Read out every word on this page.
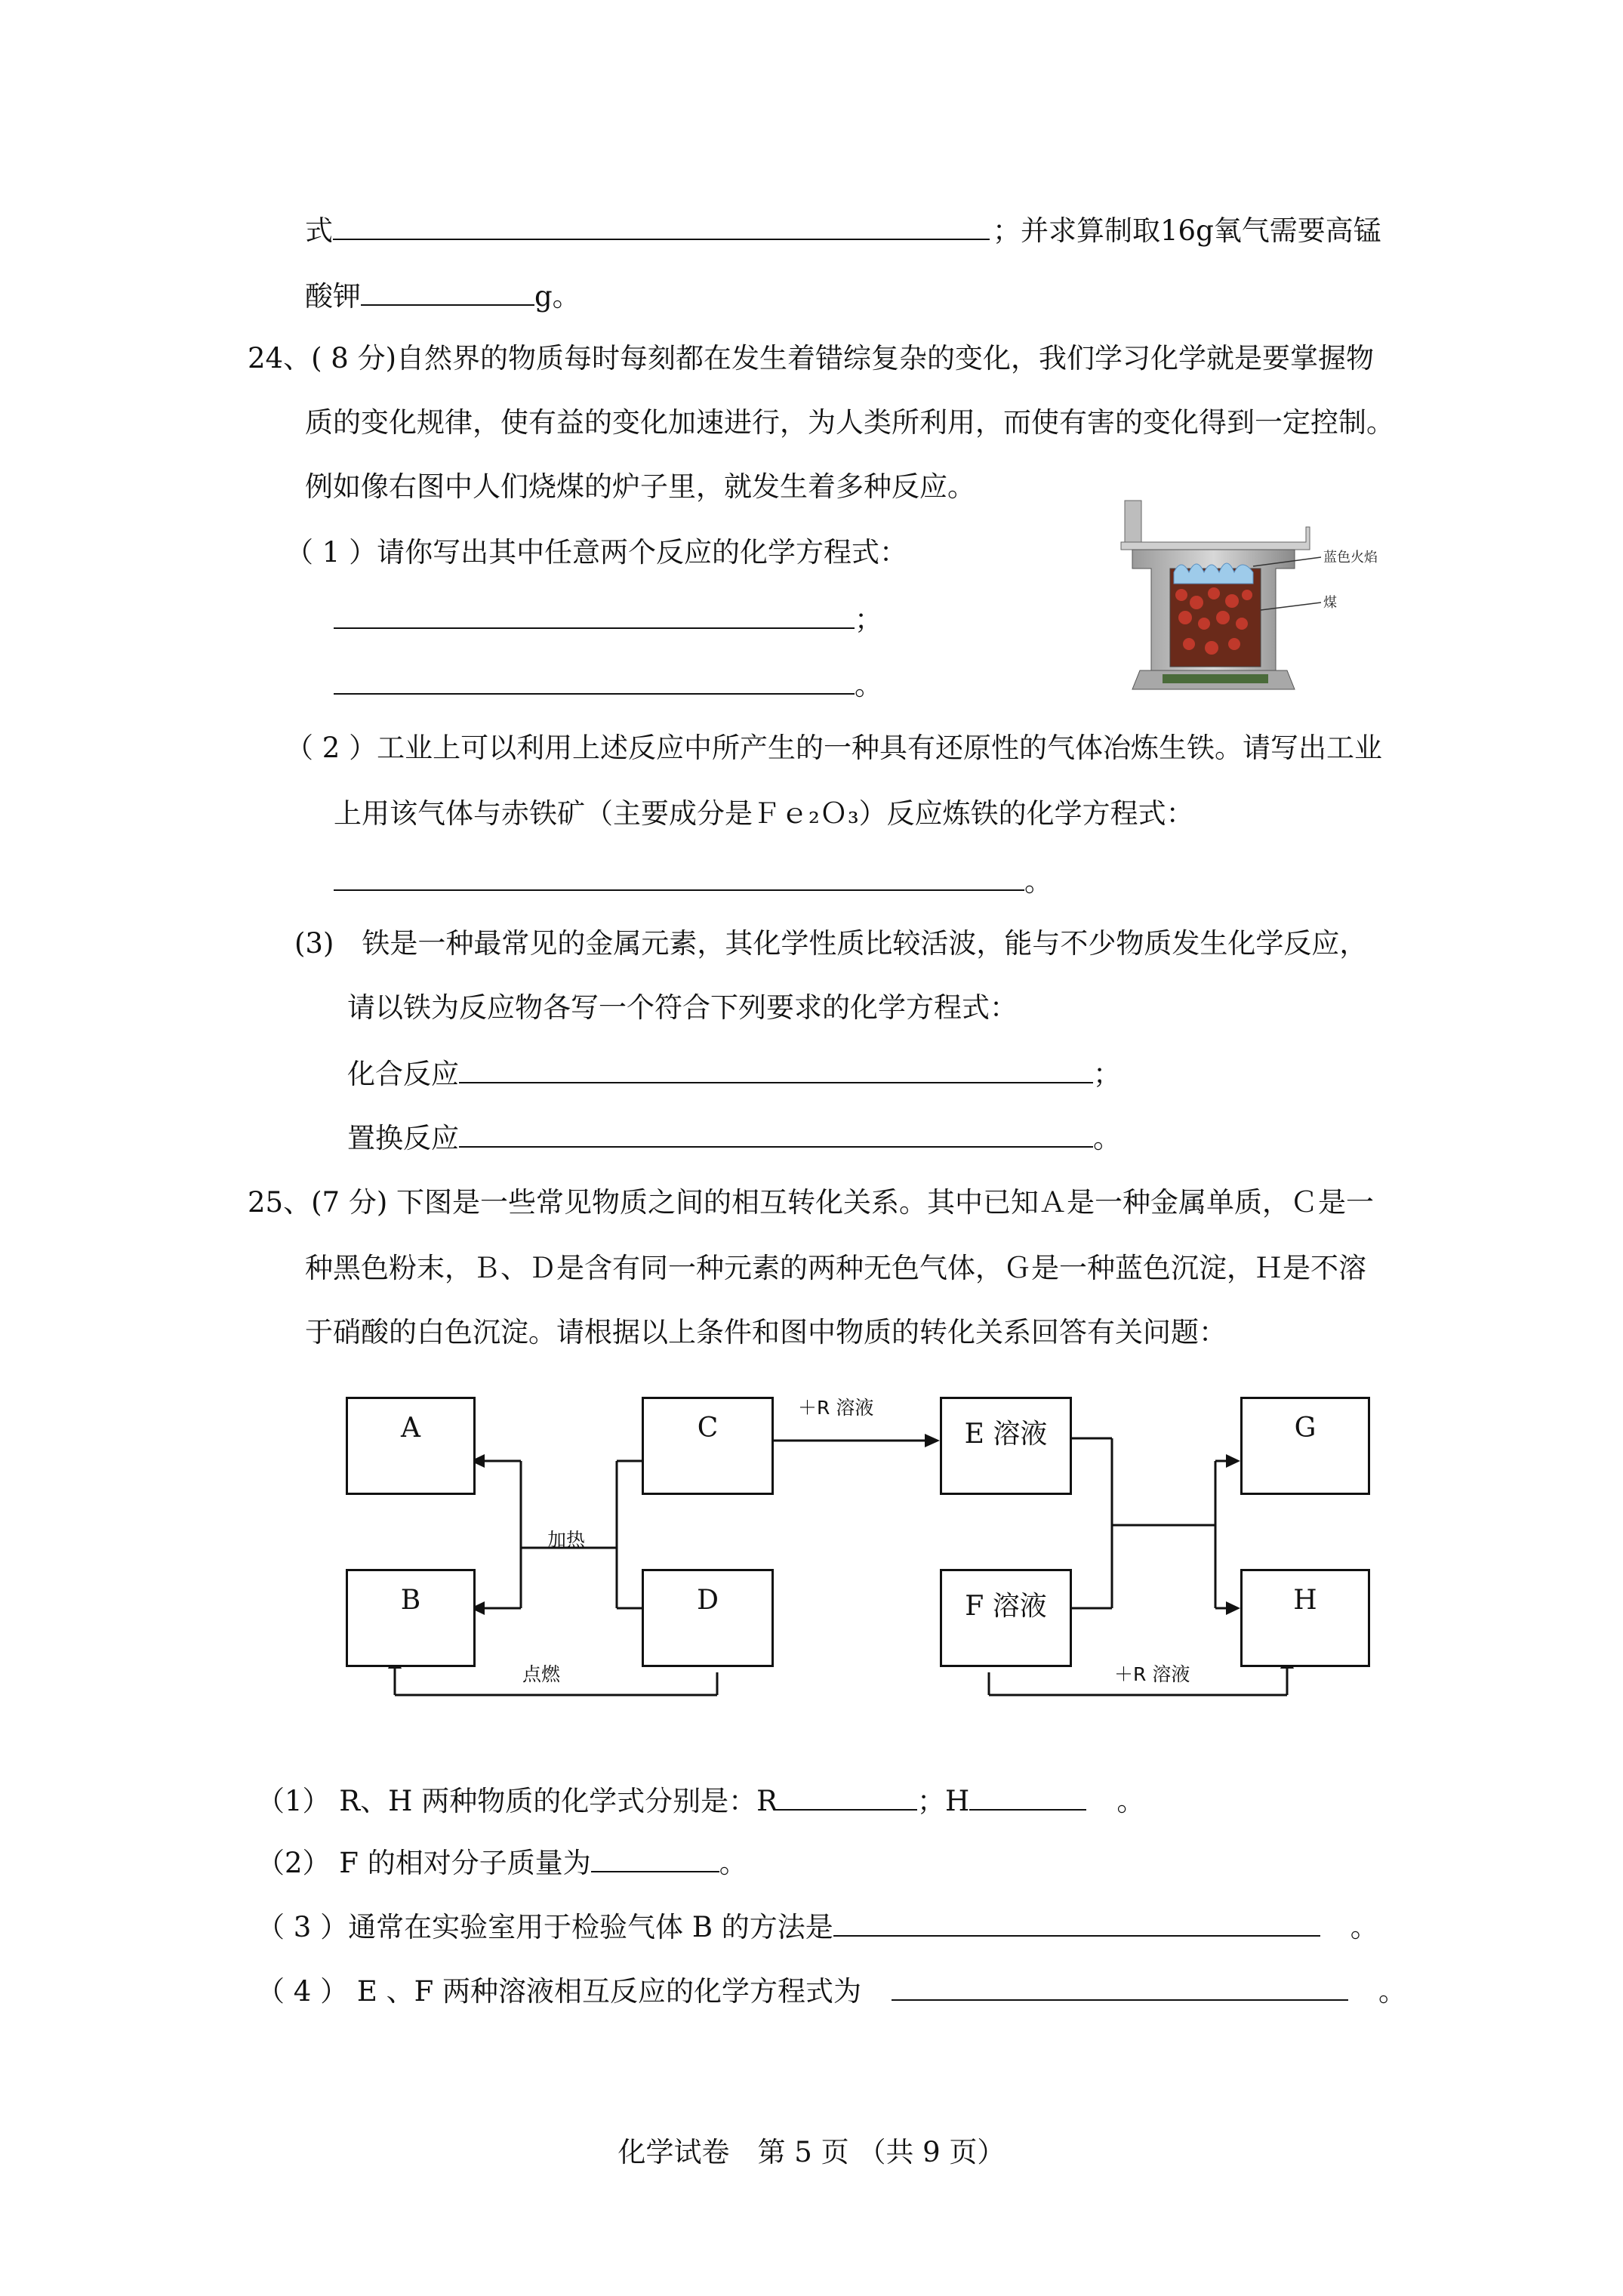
式	；并求算制取16g氧气需要高锰
酸钾	g。
24、( 8 分)自然界的物质每时每刻都在发生着错综复杂的变化，我们学习化学就是要掌握物
质的变化规律，使有益的变化加速进行，为人类所利用，而使有害的变化得到一定控制。
例如像右图中人们烧煤的炉子里，就发生着多种反应。
（ 1 ）请你写出其中任意两个反应的化学方程式：
；
。
蓝色火焰
煤
（ 2 ）工业上可以利用上述反应中所产生的一种具有还原性的气体冶炼生铁。请写出工业
上用该气体与赤铁矿（主要成分是Ｆｅ₂Ｏ₃）反应炼铁的化学方程式：
。
(3)　铁是一种最常见的金属元素，其化学性质比较活波，能与不少物质发生化学反应，
请以铁为反应物各写一个符合下列要求的化学方程式：
化合反应	；
置换反应	。
25、(7 分) 下图是一些常见物质之间的相互转化关系。其中已知Ａ是一种金属单质，Ｃ是一
种黑色粉末，Ｂ、Ｄ是含有同一种元素的两种无色气体，Ｇ是一种蓝色沉淀，Ｈ是不溶
于硝酸的白色沉淀。请根据以上条件和图中物质的转化关系回答有关问题：
A
B
C
D
E 溶液
F 溶液
G
H
加热
点燃
＋R 溶液
＋R 溶液
（1） R、H 两种物质的化学式分别是：R	；H	。
（2） F 的相对分子质量为	。
（ 3 ）通常在实验室用于检验气体 B 的方法是	。
（ 4 ） E 、F 两种溶液相互反应的化学方程式为	。
化学试卷　第 5 页 （共 9 页）
